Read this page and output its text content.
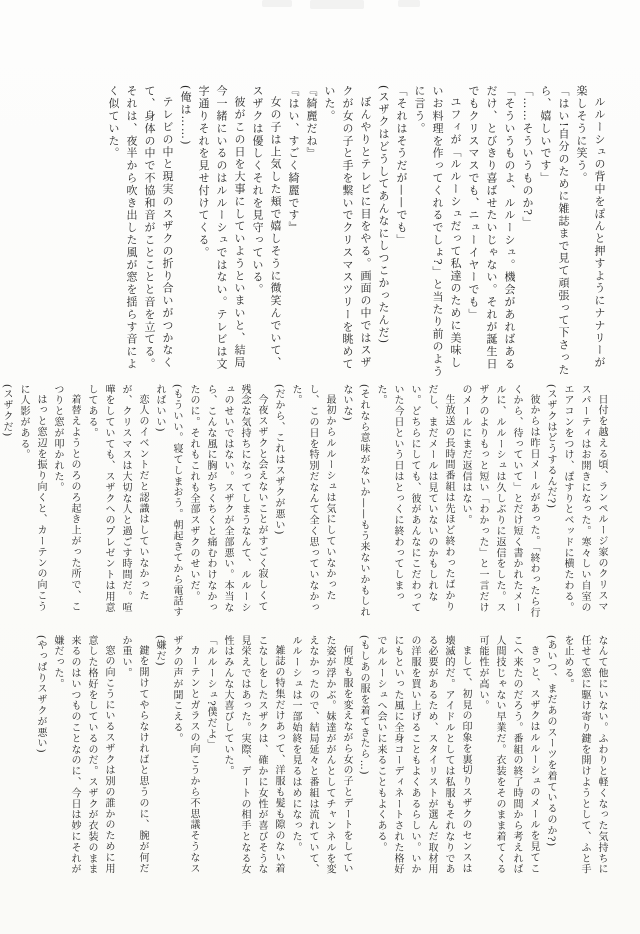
ルルーシュの背中をぽんと押すようにナナリーが楽しそうに笑う。

「はい!自分のために雑誌まで見て頑張って下さったら、嬉しいです」

「……そういうものか?」

「そういうものよ、ルルーシュ。機会があればあるだけ、とびきり喜ばせたいじゃない。それが誕生日でもクリスマスでも、ニューイヤーでも」

ユフィが「ルルーシュだって私達のために美味しいお料理を作ってくれるでしょ?」と当たり前のように言う。

「それはそうだが——でも」

(スザクはどうしてあんなにしつこかったんだ)

ぼんやりとテレビに目をやる。画面の中ではスザクが女の子と手を繋いでクリスマスツリーを眺めていた。

『綺麗だね』

『はい、すごく綺麗です』

女の子は上気した頬で嬉しそうに微笑んでいて、スザクは優しくそれを見守っている。

彼がこの日を大事にしていようといまいと、結局今一緒にいるのはルルーシュではない。テレビは文字通りそれを見せ付けてくる。

(俺は……)

テレビの中と現実のスザクの折り合いがつかなくて、身体の中で不協和音がことことと音を立てる。それは、夜半から吹き出した風が窓を揺らす音によく似ていた。

日付を越える頃、ランペルージ家のクリスマスパーティはお開きになった。寒々しい自室のエアコンをつけ、ぽすりとベッドに横たわる。

(スザクはどうするんだ?)

彼からは昨日メールがあった。「終わったら行くから、待っていて」とだけ短く書かれたメールに、ルルーシュは久しぶりに返信をした。スザクのよりもっと短い「わかった」と一言だけのメールにまだ返信はない。

生放送の長時間番組は先ほど終わったばかりだし、まだメールは見ていないのかもしれない。どちらにしても、彼があんなにこだわっていた今日という日はとっくに終わってしまった。

(それなら意味がないか——もう来ないかもしれないな)

最初からルルーシュは気にしていなかったし、この日を特別だなんて全く思っていなかった。

(だから、これはスザクが悪い)

今夜スザクと会えないことがすごく寂しくて残念な気持ちになってしまうなんて、ルルーシュのせいではない。スザクが全部悪い。本当なら、こんな風に胸がちくちくと痛むわけなかったのに。それもこれも全部スザクのせいだ。

(もういい。寝てしまおう。朝起きてから電話すればいい)

恋人のイベントだと認識はしていなかったが、クリスマスは大切な人と過ごす時間だ。喧嘩をしていても、スザクへのプレゼントは用意してある。

着替えようとのろのろ起き上がった所で、こつりと窓が叩かれた。

はっと窓辺を振り向くと、カーテンの向こうに人影がある。

(スザクだ)

なんて他にいない。ふわりと軽くなった気持ちに任せて窓に駆け寄り鍵を開けようとして、ふと手を止める。

(あいつ、まだあのスーツを着ているのか?)

きっと、スザクはルルーシュのメールを見てここへ来たのだろう。番組の終了時間から考えれば人間技じゃない早業だ。衣装をそのまま着てくる可能性が高い。

まして、初見の印象を裏切りスザクのセンスは壊滅的だ。アイドルとしては私服もそれなりである必要があるため、スタイリストが選んだ取材用の洋服を買い上げることもよくあるらしい。いかにもといった風に全身コーディネートされた格好でルルーシュへ会いに来ることもよくある。

(もしあの服を着てきたら…)

何度も服を変えながら女の子とデートをしていた姿が浮かぶ。妹達ががんとしてチャンネルを変えなかったので、結局延々と番組は流れていて、ルルーシュは一部始終を見るはめになった。

雑誌の特集だけあって、洋服も髪も隙のない着こなしをしたスザクは、確かに女性が喜びそうな見栄えではあった。実際、デートの相手となる女性はみんな大喜びしていた。

「ルルーシュ?僕だよ」

カーテンとガラスの向こうから不思議そうなスザクの声が聞こえる。

(嫌だ)

鍵を開けてやらなければと思うのに、腕が何だか重い。

窓の向こうにいるスザクは別の誰かのために用意した格好をしているのだ。スザクが衣装のまま来るのはいつものことなのに、今日は妙にそれが嫌だった。

(やっぱりスザクが悪い)
